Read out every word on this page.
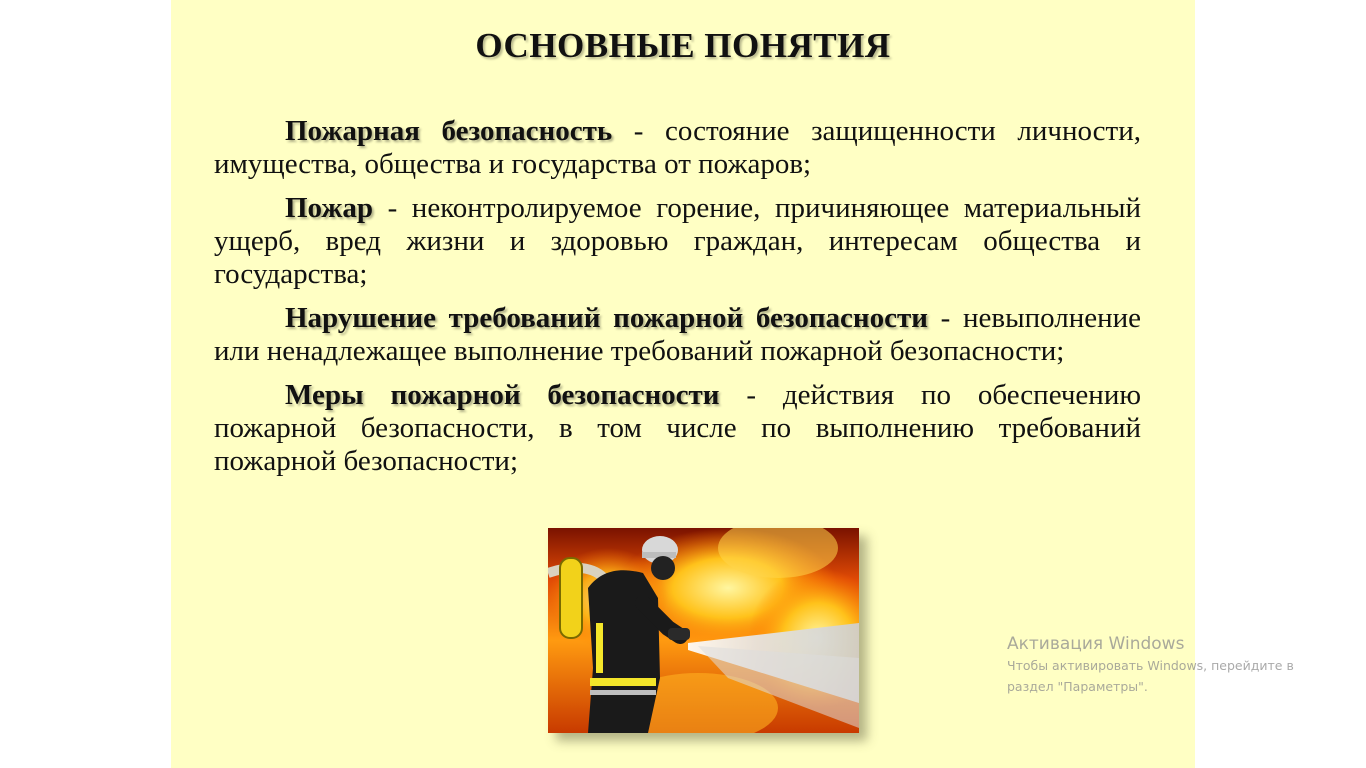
ОСНОВНЫЕ ПОНЯТИЯ

Пожарная безопасность - состояние защищенности личности, имущества, общества и государства от пожаров;

Пожар - неконтролируемое горение, причиняющее материальный ущерб, вред жизни и здоровью граждан, интересам общества и государства;

Нарушение требований пожарной безопасности - невыполнение или ненадлежащее выполнение требований пожарной безопасности;

Меры пожарной безопасности - действия по обеспечению пожарной безопасности, в том числе по выполнению требований пожарной безопасности;

Активация Windows
Чтобы активировать Windows, перейдите в
раздел "Параметры".
